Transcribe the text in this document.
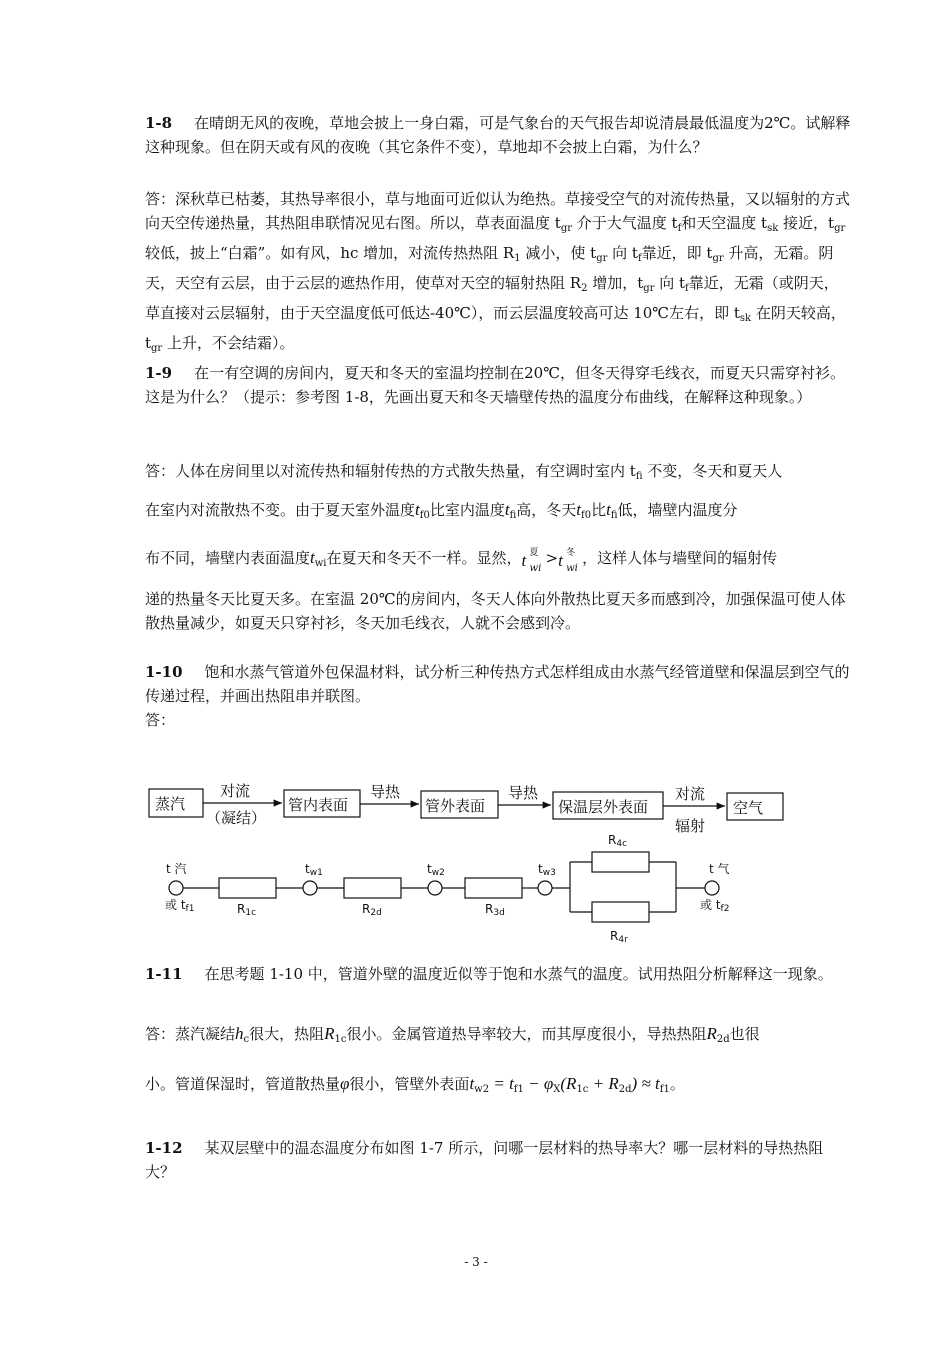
1-8 在晴朗无风的夜晚，草地会披上一身白霜，可是气象台的天气报告却说清晨最低温度为2℃。试解释这种现象。但在阴天或有风的夜晚（其它条件不变），草地却不会披上白霜，为什么？

答：深秋草已枯萎，其热导率很小，草与地面可近似认为绝热。草接受空气的对流传热量，又以辐射的方式向天空传递热量，其热阻串联情况见右图。所以，草表面温度 $t_{gr}$ 介于大气温度 $t_f$和天空温度 $t_{sk}$ 接近，$t_{gr}$ 较低，披上“白霜”。如有风，hc 增加，对流传热热阻 $R_1$ 减小，使 $t_{gr}$ 向 $t_f$靠近，即 $t_{gr}$ 升高，无霜。阴天，天空有云层，由于云层的遮热作用，使草对天空的辐射热阻 $R_2$ 增加，$t_{gr}$ 向 $t_f$靠近，无霜（或阴天，草直接对云层辐射，由于天空温度低可低达-40℃），而云层温度较高可达 10℃左右，即 $t_{sk}$ 在阴天较高，$t_{gr}$ 上升，不会结霜）。

1-9 在一有空调的房间内，夏天和冬天的室温均控制在20℃，但冬天得穿毛线衣，而夏天只需穿衬衫。这是为什么？（提示：参考图 1-8，先画出夏天和冬天墙壁传热的温度分布曲线，在解释这种现象。）

答：人体在房间里以对流传热和辐射传热的方式散失热量，有空调时室内 $t_{fi}$ 不变，冬天和夏天人

在室内对流散热不变。由于夏天室外温度$t_{f0}$比室内温度$t_{fi}$高，冬天$t_{f0}$比$t_{fi}$低，墙壁内温度分

布不同，墙壁内表面温度$t_{wi}$在夏天和冬天不一样。显然， t 夏
wi
> t 冬
wi
，这样人体与墙壁间的辐射传

递的热量冬天比夏天多。在室温 20℃的房间内，冬天人体向外散热比夏天多而感到冷，加强保温可使人体散热量减少，如夏天只穿衬衫，冬天加毛线衣，人就不会感到冷。

1-10 饱和水蒸气管道外包保温材料，试分析三种传热方式怎样组成由水蒸气经管道壁和保温层到空气的传递过程，并画出热阻串并联图。
答：

蒸汽	管内表面	管外表面	保温层外表面	空气
对流
（凝结）
导热	导热	对流
辐射
t 汽
或 tf1
tw1	tw2	tw3	t 气
或 tf2
R1c	R2d	R3d
R4c
R4r

1-11 在思考题 1-10 中，管道外壁的温度近似等于饱和水蒸气的温度。试用热阻分析解释这一现象。

答：蒸汽凝结$h_c$很大，热阻$R_{1c}$很小。金属管道热导率较大，而其厚度很小，导热热阻$R_{2d}$也很

小。管道保湿时，管道散热量φ很小，管壁外表面$t_{w2} = t_{f1} - \varphi_X(R_{1c} + R_{2d}) \approx t_{f1}$。

1-12 某双层壁中的温态温度分布如图 1-7 所示，问哪一层材料的热导率大？哪一层材料的导热热阻大？

- 3 -
